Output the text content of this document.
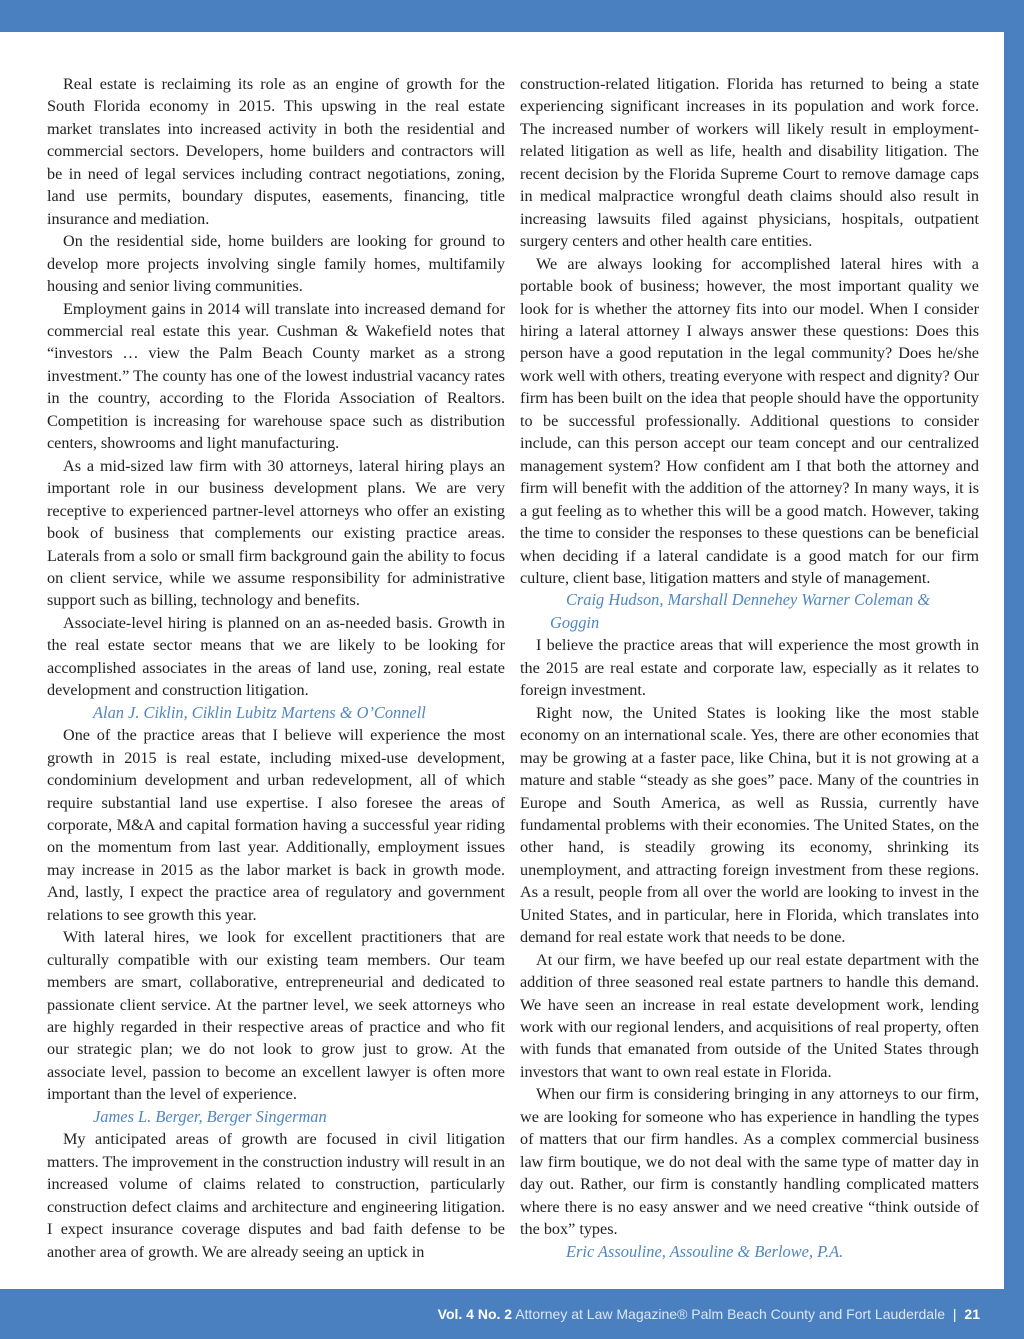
Real estate is reclaiming its role as an engine of growth for the South Florida economy in 2015. This upswing in the real estate market translates into increased activity in both the residential and commercial sectors. Developers, home builders and contractors will be in need of legal services including contract negotiations, zoning, land use permits, boundary disputes, easements, financing, title insurance and mediation.

On the residential side, home builders are looking for ground to develop more projects involving single family homes, multifamily housing and senior living communities.

Employment gains in 2014 will translate into increased demand for commercial real estate this year. Cushman & Wakefield notes that “investors … view the Palm Beach County market as a strong investment.” The county has one of the lowest industrial vacancy rates in the country, according to the Florida Association of Realtors. Competition is increasing for warehouse space such as distribution centers, showrooms and light manufacturing.

As a mid-sized law firm with 30 attorneys, lateral hiring plays an important role in our business development plans. We are very receptive to experienced partner-level attorneys who offer an existing book of business that complements our existing practice areas. Laterals from a solo or small firm background gain the ability to focus on client service, while we assume responsibility for administrative support such as billing, technology and benefits.

Associate-level hiring is planned on an as-needed basis. Growth in the real estate sector means that we are likely to be looking for accomplished associates in the areas of land use, zoning, real estate development and construction litigation.

Alan J. Ciklin, Ciklin Lubitz Martens & O’Connell

One of the practice areas that I believe will experience the most growth in 2015 is real estate, including mixed-use development, condominium development and urban redevelopment, all of which require substantial land use expertise. I also foresee the areas of corporate, M&A and capital formation having a successful year riding on the momentum from last year. Additionally, employment issues may increase in 2015 as the labor market is back in growth mode. And, lastly, I expect the practice area of regulatory and government relations to see growth this year.

With lateral hires, we look for excellent practitioners that are culturally compatible with our existing team members. Our team members are smart, collaborative, entrepreneurial and dedicated to passionate client service. At the partner level, we seek attorneys who are highly regarded in their respective areas of practice and who fit our strategic plan; we do not look to grow just to grow. At the associate level, passion to become an excellent lawyer is often more important than the level of experience.

James L. Berger, Berger Singerman

My anticipated areas of growth are focused in civil litigation matters. The improvement in the construction industry will result in an increased volume of claims related to construction, particularly construction defect claims and architecture and engineering litigation. I expect insurance coverage disputes and bad faith defense to be another area of growth. We are already seeing an uptick in

construction-related litigation. Florida has returned to being a state experiencing significant increases in its population and work force. The increased number of workers will likely result in employment-related litigation as well as life, health and disability litigation. The recent decision by the Florida Supreme Court to remove damage caps in medical malpractice wrongful death claims should also result in increasing lawsuits filed against physicians, hospitals, outpatient surgery centers and other health care entities.

We are always looking for accomplished lateral hires with a portable book of business; however, the most important quality we look for is whether the attorney fits into our model. When I consider hiring a lateral attorney I always answer these questions: Does this person have a good reputation in the legal community? Does he/she work well with others, treating everyone with respect and dignity? Our firm has been built on the idea that people should have the opportunity to be successful professionally. Additional questions to consider include, can this person accept our team concept and our centralized management system? How confident am I that both the attorney and firm will benefit with the addition of the attorney? In many ways, it is a gut feeling as to whether this will be a good match. However, taking the time to consider the responses to these questions can be beneficial when deciding if a lateral candidate is a good match for our firm culture, client base, litigation matters and style of management.

Craig Hudson, Marshall Dennehey Warner Coleman & Goggin

I believe the practice areas that will experience the most growth in the 2015 are real estate and corporate law, especially as it relates to foreign investment.

Right now, the United States is looking like the most stable economy on an international scale. Yes, there are other economies that may be growing at a faster pace, like China, but it is not growing at a mature and stable “steady as she goes” pace. Many of the countries in Europe and South America, as well as Russia, currently have fundamental problems with their economies. The United States, on the other hand, is steadily growing its economy, shrinking its unemployment, and attracting foreign investment from these regions. As a result, people from all over the world are looking to invest in the United States, and in particular, here in Florida, which translates into demand for real estate work that needs to be done.

At our firm, we have beefed up our real estate department with the addition of three seasoned real estate partners to handle this demand. We have seen an increase in real estate development work, lending work with our regional lenders, and acquisitions of real property, often with funds that emanated from outside of the United States through investors that want to own real estate in Florida.

When our firm is considering bringing in any attorneys to our firm, we are looking for someone who has experience in handling the types of matters that our firm handles. As a complex commercial business law firm boutique, we do not deal with the same type of matter day in day out. Rather, our firm is constantly handling complicated matters where there is no easy answer and we need creative “think outside of the box” types.

Eric Assouline, Assouline & Berlowe, P.A.

Vol. 4 No. 2 Attorney at Law Magazine® Palm Beach County and Fort Lauderdale | 21
